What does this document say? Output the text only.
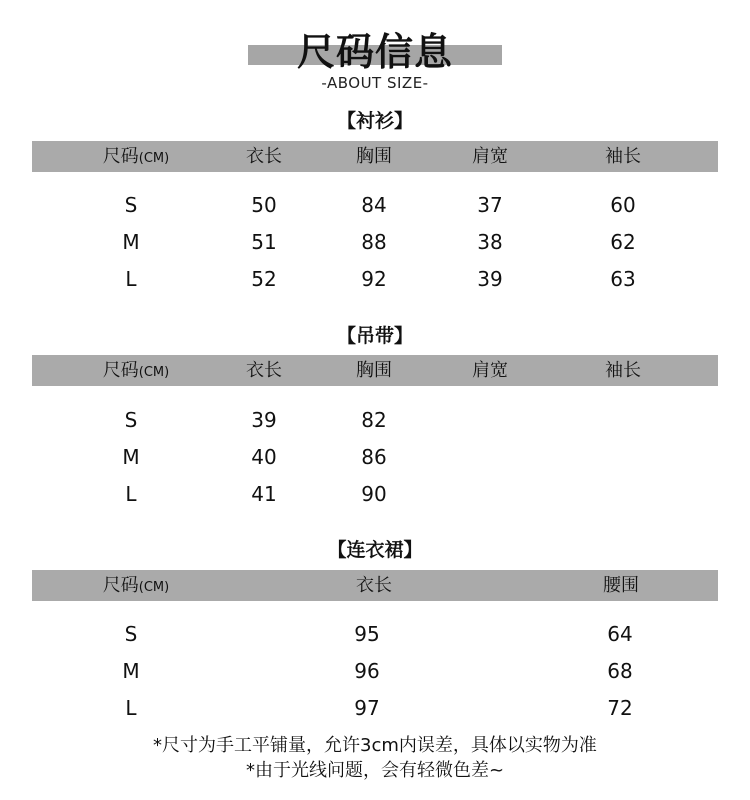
尺码信息
-ABOUT SIZE-
【衬衫】
尺码(CM)	衣长	胸围	肩宽	袖长
S	50	84	37	60
M	51	88	38	62
L	52	92	39	63
【吊带】
尺码(CM)	衣长	胸围	肩宽	袖长
S	39	82
M	40	86
L	41	90
【连衣裙】
尺码(CM)	衣长	腰围
S	95	64
M	96	68
L	97	72
*尺寸为手工平铺量，允许3cm内误差，具体以实物为准
*由于光线问题，会有轻微色差~
